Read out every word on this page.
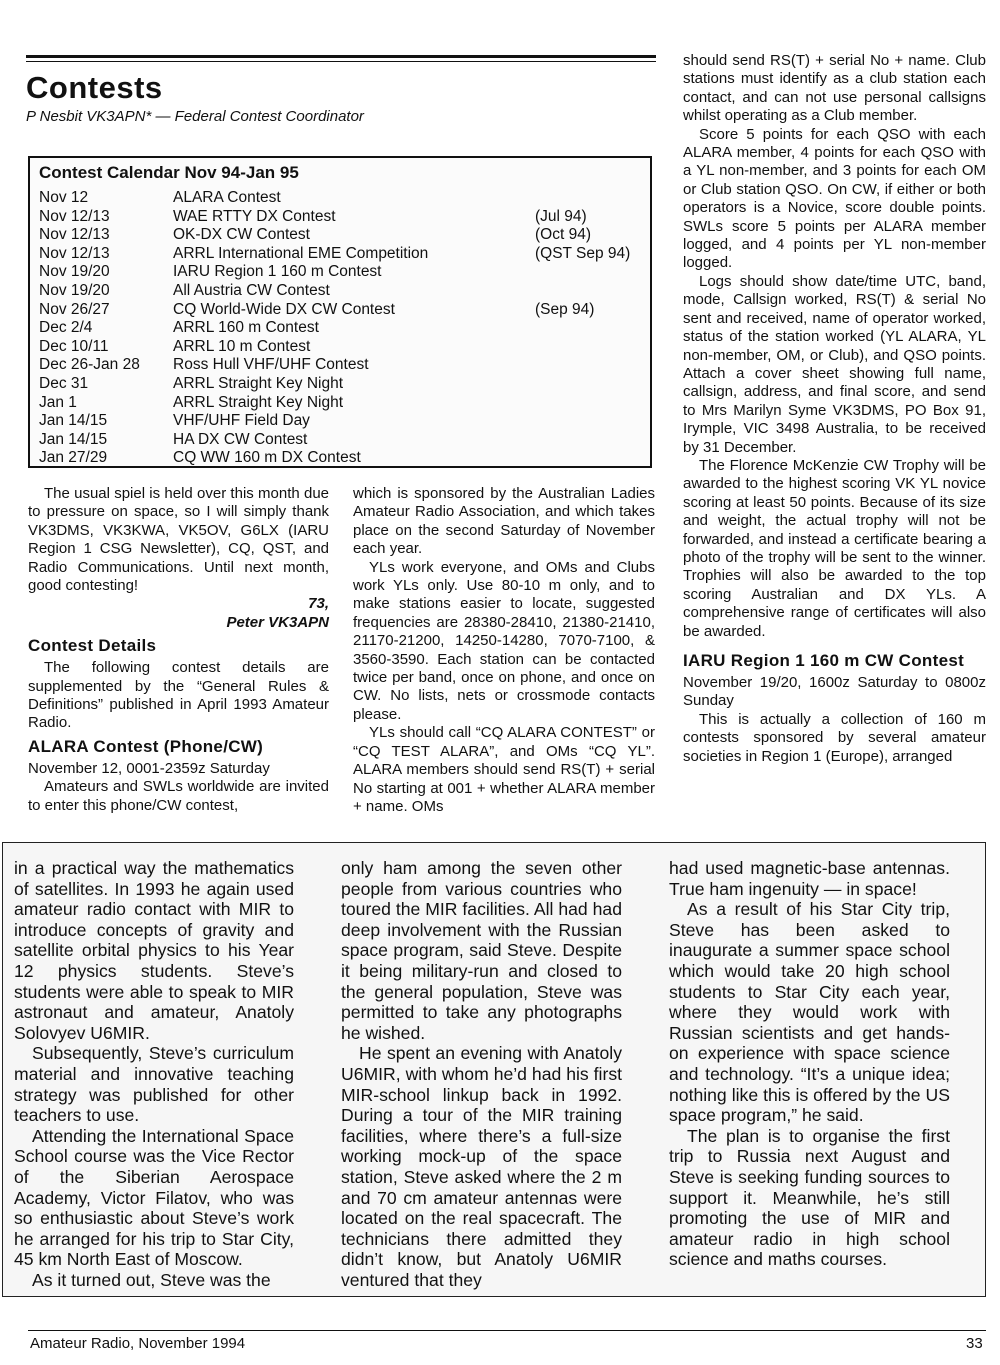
Contests
P Nesbit VK3APN* — Federal Contest Coordinator
Contest Calendar Nov 94-Jan 95
Nov 12	ALARA Contest
Nov 12/13	WAE RTTY DX Contest	(Jul 94)
Nov 12/13	OK-DX CW Contest	(Oct 94)
Nov 12/13	ARRL International EME Competition	(QST Sep 94)
Nov 19/20	IARU Region 1 160 m Contest
Nov 19/20	All Austria CW Contest
Nov 26/27	CQ World-Wide DX CW Contest	(Sep 94)
Dec 2/4	ARRL 160 m Contest
Dec 10/11	ARRL 10 m Contest
Dec 26-Jan 28 Ross Hull VHF/UHF Contest
Dec 31	ARRL Straight Key Night
Jan 1	ARRL Straight Key Night
Jan 14/15	VHF/UHF Field Day
Jan 14/15	HA DX CW Contest
Jan 27/29	CQ WW 160 m DX Contest

The usual spiel is held over this month due to pressure on space, so I will simply thank VK3DMS, VK3KWA, VK5OV, G6LX (IARU Region 1 CSG Newsletter), CQ, QST, and Radio Communications. Until next month, good contesting!

73,

Peter VK3APN

Contest Details

The following contest details are supplemented by the “General Rules & Definitions” published in April 1993 Amateur Radio.

ALARA Contest (Phone/CW)

November 12, 0001-2359z Saturday

Amateurs and SWLs worldwide are invited to enter this phone/CW contest,

which is sponsored by the Australian Ladies Amateur Radio Association, and which takes place on the second Saturday of November each year.

YLs work everyone, and OMs and Clubs work YLs only. Use 80-10 m only, and to make stations easier to locate, suggested frequencies are 28380-28410, 21380-21410, 21170-21200, 14250-14280, 7070-7100, & 3560-3590. Each station can be contacted twice per band, once on phone, and once on CW. No lists, nets or crossmode contacts please.

YLs should call “CQ ALARA CONTEST” or “CQ TEST ALARA”, and OMs “CQ YL”. ALARA members should send RS(T) + serial No starting at 001 + whether ALARA member + name. OMs

should send RS(T) + serial No + name. Club stations must identify as a club station each contact, and can not use personal callsigns whilst operating as a Club member.

Score 5 points for each QSO with each ALARA member, 4 points for each QSO with a YL non-member, and 3 points for each OM or Club station QSO. On CW, if either or both operators is a Novice, score double points. SWLs score 5 points per ALARA member logged, and 4 points per YL non-member logged.

Logs should show date/time UTC, band, mode, Callsign worked, RS(T) & serial No sent and received, name of operator worked, status of the station worked (YL ALARA, YL non-member, OM, or Club), and QSO points. Attach a cover sheet showing full name, callsign, address, and final score, and send to Mrs Marilyn Syme VK3DMS, PO Box 91, Irymple, VIC 3498 Australia, to be received by 31 December.

The Florence McKenzie CW Trophy will be awarded to the highest scoring VK YL novice scoring at least 50 points. Because of its size and weight, the actual trophy will not be forwarded, and instead a certificate bearing a photo of the trophy will be sent to the winner. Trophies will also be awarded to the top scoring Australian and DX YLs. A comprehensive range of certificates will also be awarded.

IARU Region 1 160 m CW Contest

November 19/20, 1600z Saturday to 0800z Sunday

This is actually a collection of 160 m contests sponsored by several amateur societies in Region 1 (Europe), arranged

in a practical way the mathematics of satellites. In 1993 he again used amateur radio contact with MIR to introduce concepts of gravity and satellite orbital physics to his Year 12 physics students. Steve’s students were able to speak to MIR astronaut and amateur, Anatoly Solovyev U6MIR.

Subsequently, Steve’s curriculum material and innovative teaching strategy was published for other teachers to use.

Attending the International Space School course was the Vice Rector of the Siberian Aerospace Academy, Victor Filatov, who was so enthusiastic about Steve’s work he arranged for his trip to Star City, 45 km North East of Moscow.

As it turned out, Steve was the

only ham among the seven other people from various countries who toured the MIR facilities. All had had deep involvement with the Russian space program, said Steve. Despite it being military-run and closed to the general population, Steve was permitted to take any photographs he wished.

He spent an evening with Anatoly U6MIR, with whom he’d had his first MIR-school linkup back in 1992. During a tour of the MIR training facilities, where there’s a full-size working mock-up of the space station, Steve asked where the 2 m and 70 cm amateur antennas were located on the real spacecraft. The technicians there admitted they didn’t know, but Anatoly U6MIR ventured that they

had used magnetic-base antennas. True ham ingenuity — in space!

As a result of his Star City trip, Steve has been asked to inaugurate a summer space school which would take 20 high school students to Star City each year, where they would work with Russian scientists and get hands-on experience with space science and technology. “It’s a unique idea; nothing like this is offered by the US space program,” he said.

The plan is to organise the first trip to Russia next August and Steve is seeking funding sources to support it. Meanwhile, he’s still promoting the use of MIR and amateur radio in high school science and maths courses.

Amateur Radio, November 1994	33
